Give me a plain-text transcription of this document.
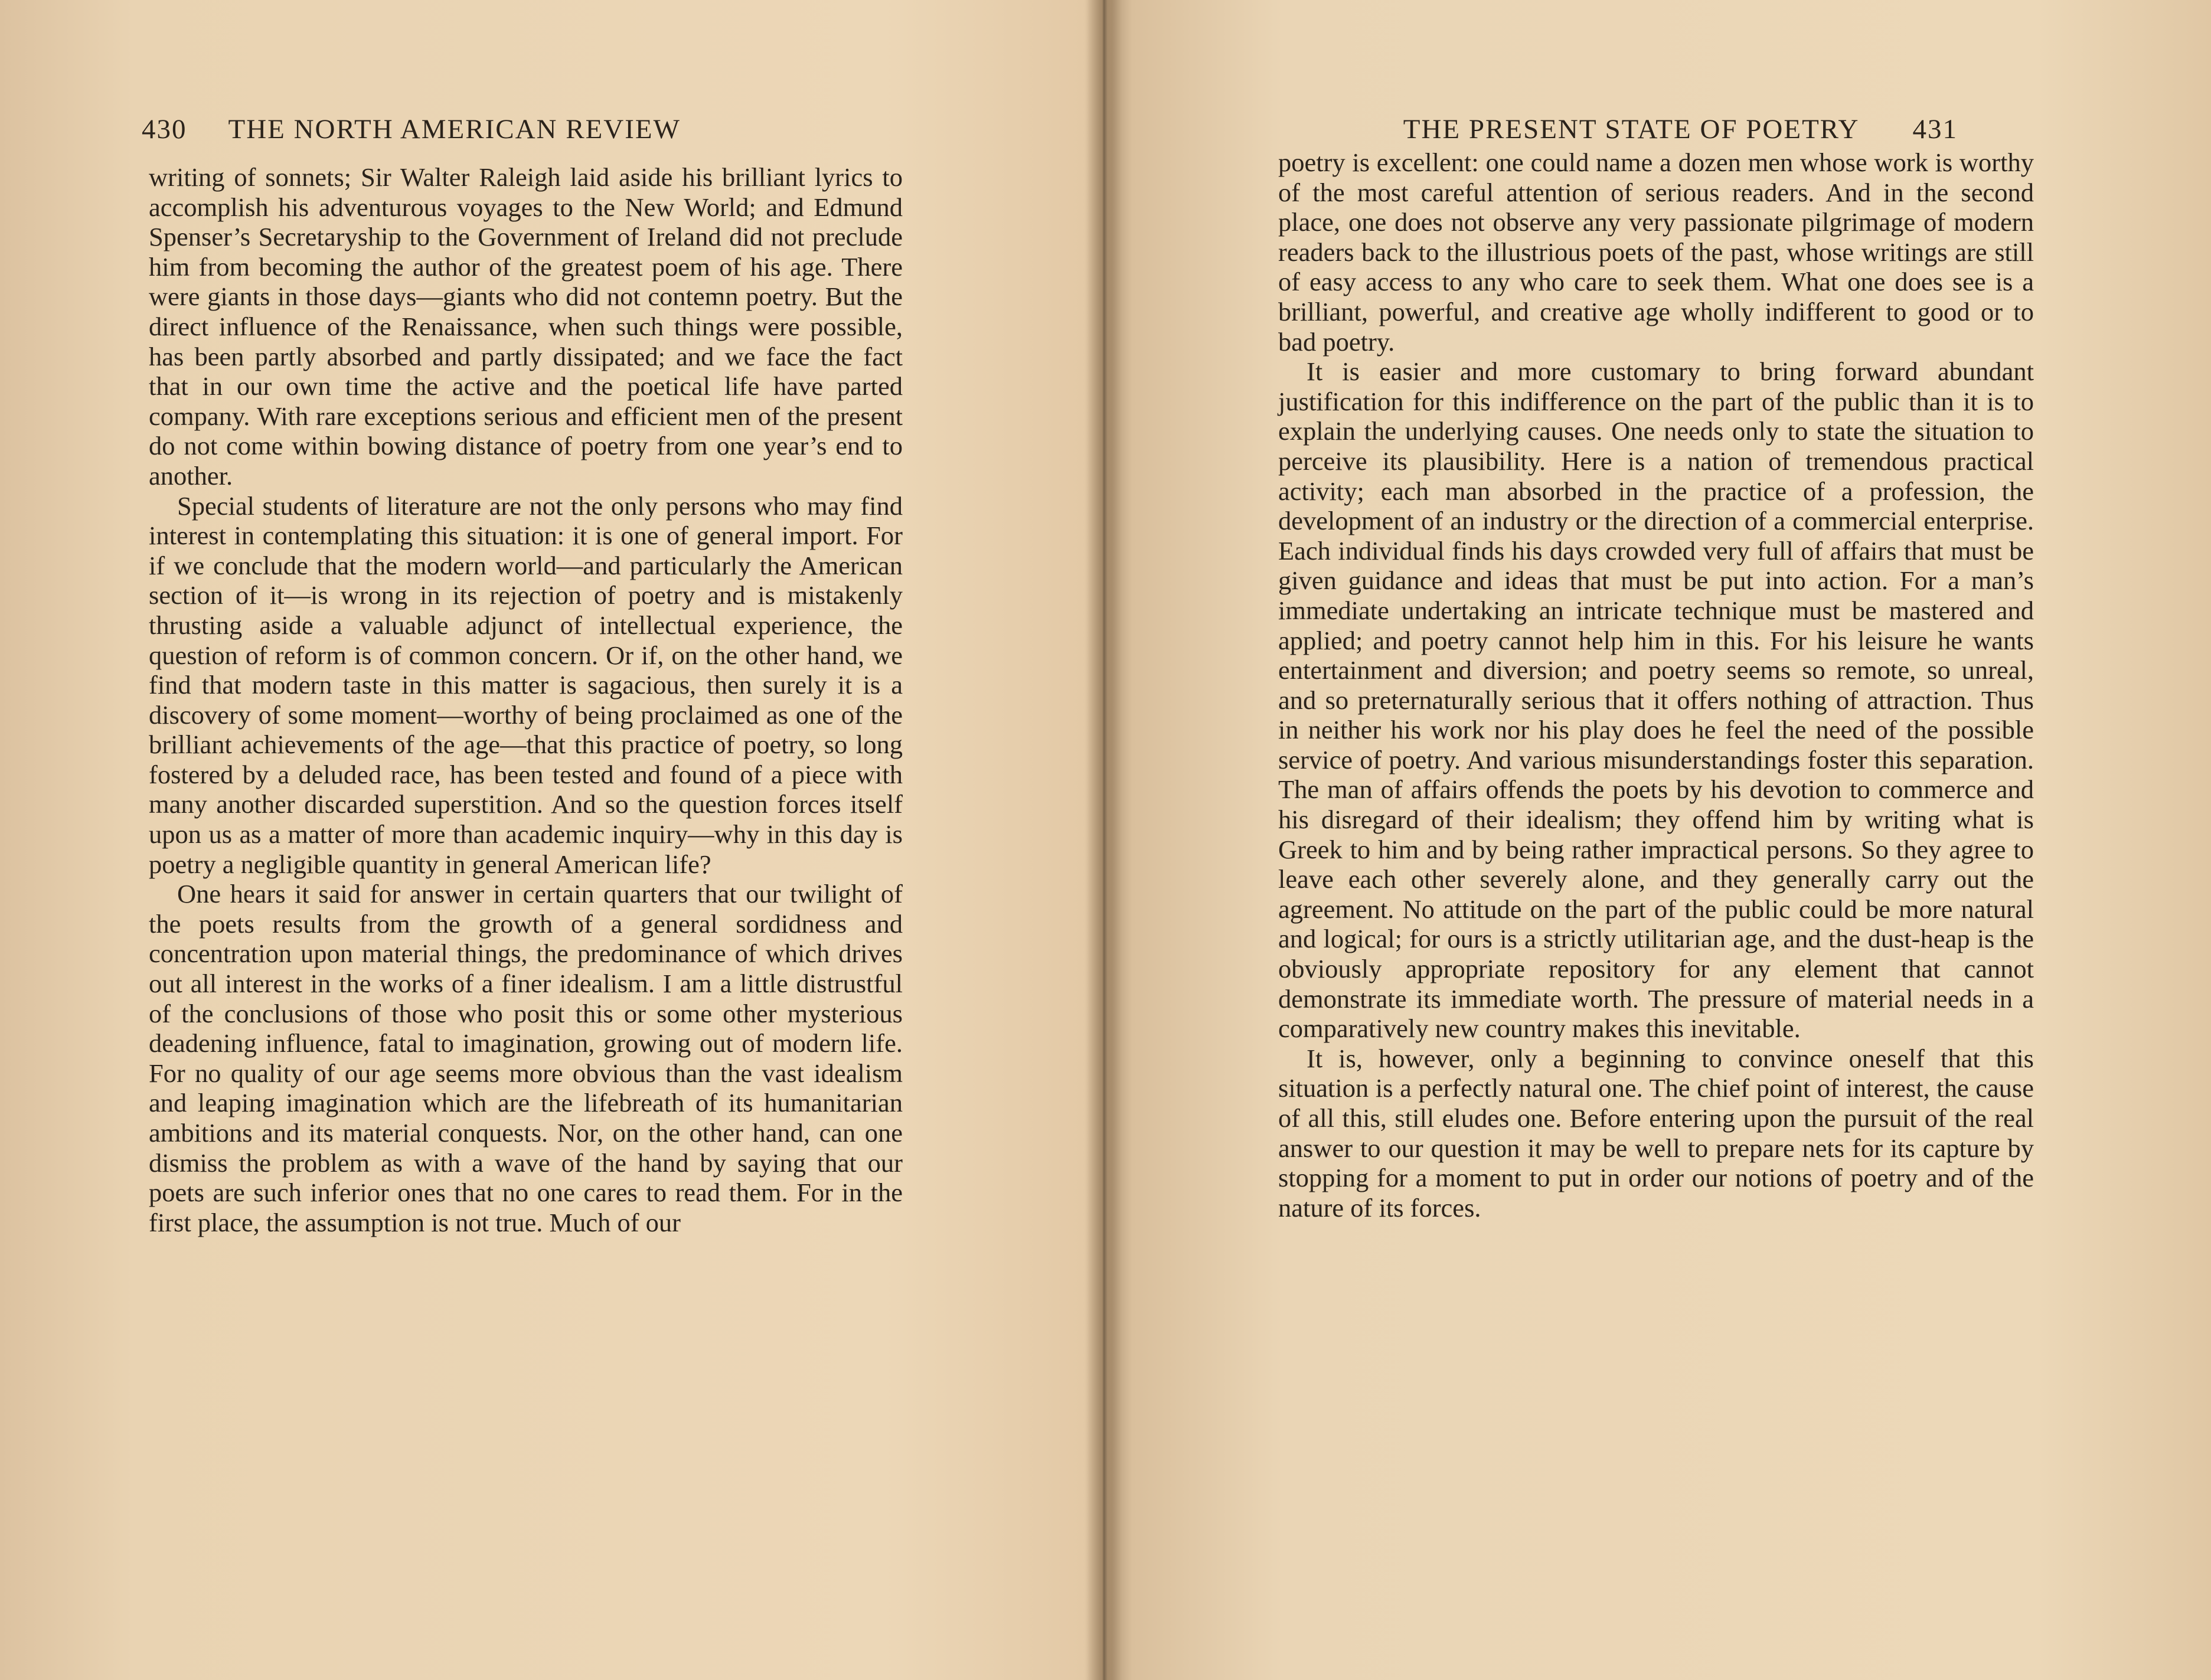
430 THE NORTH AMERICAN REVIEW

writing of sonnets; Sir Walter Raleigh laid aside his brilliant lyrics to accomplish his adventurous voyages to the New World; and Edmund Spenser’s Secretaryship to the Government of Ireland did not preclude him from becoming the author of the greatest poem of his age. There were giants in those days—giants who did not contemn poetry. But the direct influence of the Renaissance, when such things were possible, has been partly absorbed and partly dissipated; and we face the fact that in our own time the active and the poetical life have parted company. With rare exceptions serious and efficient men of the present do not come within bowing distance of poetry from one year’s end to another.

Special students of literature are not the only persons who may find interest in contemplating this situation: it is one of general import. For if we conclude that the modern world—and particularly the American section of it—is wrong in its rejection of poetry and is mistakenly thrusting aside a valuable adjunct of intellectual experience, the question of reform is of common concern. Or if, on the other hand, we find that modern taste in this matter is sagacious, then surely it is a discovery of some moment—worthy of being proclaimed as one of the brilliant achievements of the age—that this practice of poetry, so long fostered by a deluded race, has been tested and found of a piece with many another discarded superstition. And so the question forces itself upon us as a matter of more than academic inquiry—why in this day is poetry a negligible quantity in general American life?

One hears it said for answer in certain quarters that our twilight of the poets results from the growth of a general sordidness and concentration upon material things, the predominance of which drives out all interest in the works of a finer idealism. I am a little distrustful of the conclusions of those who posit this or some other mysterious deadening influence, fatal to imagination, growing out of modern life. For no quality of our age seems more obvious than the vast idealism and leaping imagination which are the lifebreath of its humanitarian ambitions and its material conquests. Nor, on the other hand, can one dismiss the problem as with a wave of the hand by saying that our poets are such inferior ones that no one cares to read them. For in the first place, the assumption is not true. Much of our

THE PRESENT STATE OF POETRY 431

poetry is excellent: one could name a dozen men whose work is worthy of the most careful attention of serious readers. And in the second place, one does not observe any very passionate pilgrimage of modern readers back to the illustrious poets of the past, whose writings are still of easy access to any who care to seek them. What one does see is a brilliant, powerful, and creative age wholly indifferent to good or to bad poetry.

It is easier and more customary to bring forward abundant justification for this indifference on the part of the public than it is to explain the underlying causes. One needs only to state the situation to perceive its plausibility. Here is a nation of tremendous practical activity; each man absorbed in the practice of a profession, the development of an industry or the direction of a commercial enterprise. Each individual finds his days crowded very full of affairs that must be given guidance and ideas that must be put into action. For a man’s immediate undertaking an intricate technique must be mastered and applied; and poetry cannot help him in this. For his leisure he wants entertainment and diversion; and poetry seems so remote, so unreal, and so preternaturally serious that it offers nothing of attraction. Thus in neither his work nor his play does he feel the need of the possible service of poetry. And various misunderstandings foster this separation. The man of affairs offends the poets by his devotion to commerce and his disregard of their idealism; they offend him by writing what is Greek to him and by being rather impractical persons. So they agree to leave each other severely alone, and they generally carry out the agreement. No attitude on the part of the public could be more natural and logical; for ours is a strictly utilitarian age, and the dust-heap is the obviously appropriate repository for any element that cannot demonstrate its immediate worth. The pressure of material needs in a comparatively new country makes this inevitable.

It is, however, only a beginning to convince oneself that this situation is a perfectly natural one. The chief point of interest, the cause of all this, still eludes one. Before entering upon the pursuit of the real answer to our question it may be well to prepare nets for its capture by stopping for a moment to put in order our notions of poetry and of the nature of its forces.
